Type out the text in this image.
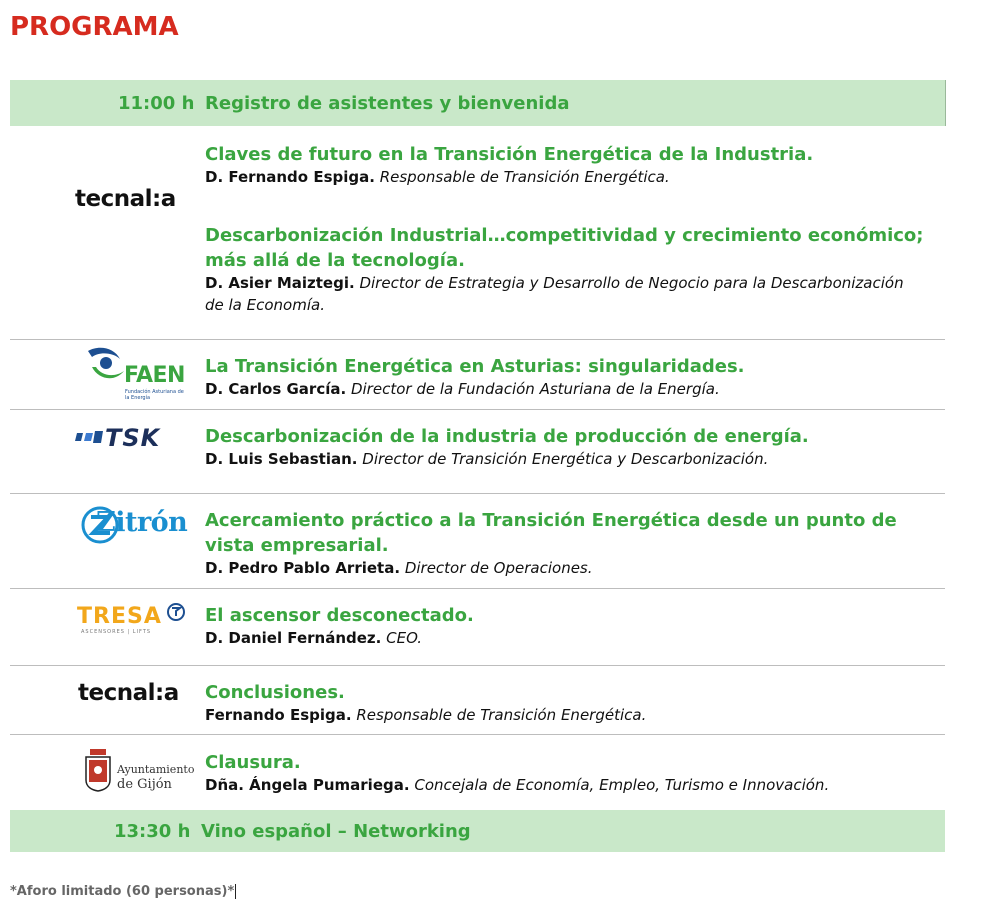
PROGRAMA
11:00 h Registro de asistentes y bienvenida
tecnal:a
Claves de futuro en la Transición Energética de la Industria.
D. Fernando Espiga. Responsable de Transición Energética.
Descarbonización Industrial…competitividad y crecimiento económico; más allá de la tecnología.
D. Asier Maiztegi. Director de Estrategia y Desarrollo de Negocio para la Descarbonización de la Economía.
FAEN
Fundación Asturiana de la Energía
La Transición Energética en Asturias: singularidades.
D. Carlos García. Director de la Fundación Asturiana de la Energía.
TSK Descarbonización de la industria de producción de energía.
D. Luis Sebastian. Director de Transición Energética y Descarbonización.
Zitrón Acercamiento práctico a la Transición Energética desde un punto de vista empresarial.
D. Pedro Pablo Arrieta. Director de Operaciones.
TRESA
ASCENSORES | LIFTS
El ascensor desconectado.
D. Daniel Fernández. CEO.
tecnal:a Conclusiones.
Fernando Espiga. Responsable de Transición Energética.
Ayuntamiento
de Gijón
Clausura.
Dña. Ángela Pumariega. Concejala de Economía, Empleo, Turismo e Innovación.
13:30 h Vino español – Networking
*Aforo limitado (60 personas)*
